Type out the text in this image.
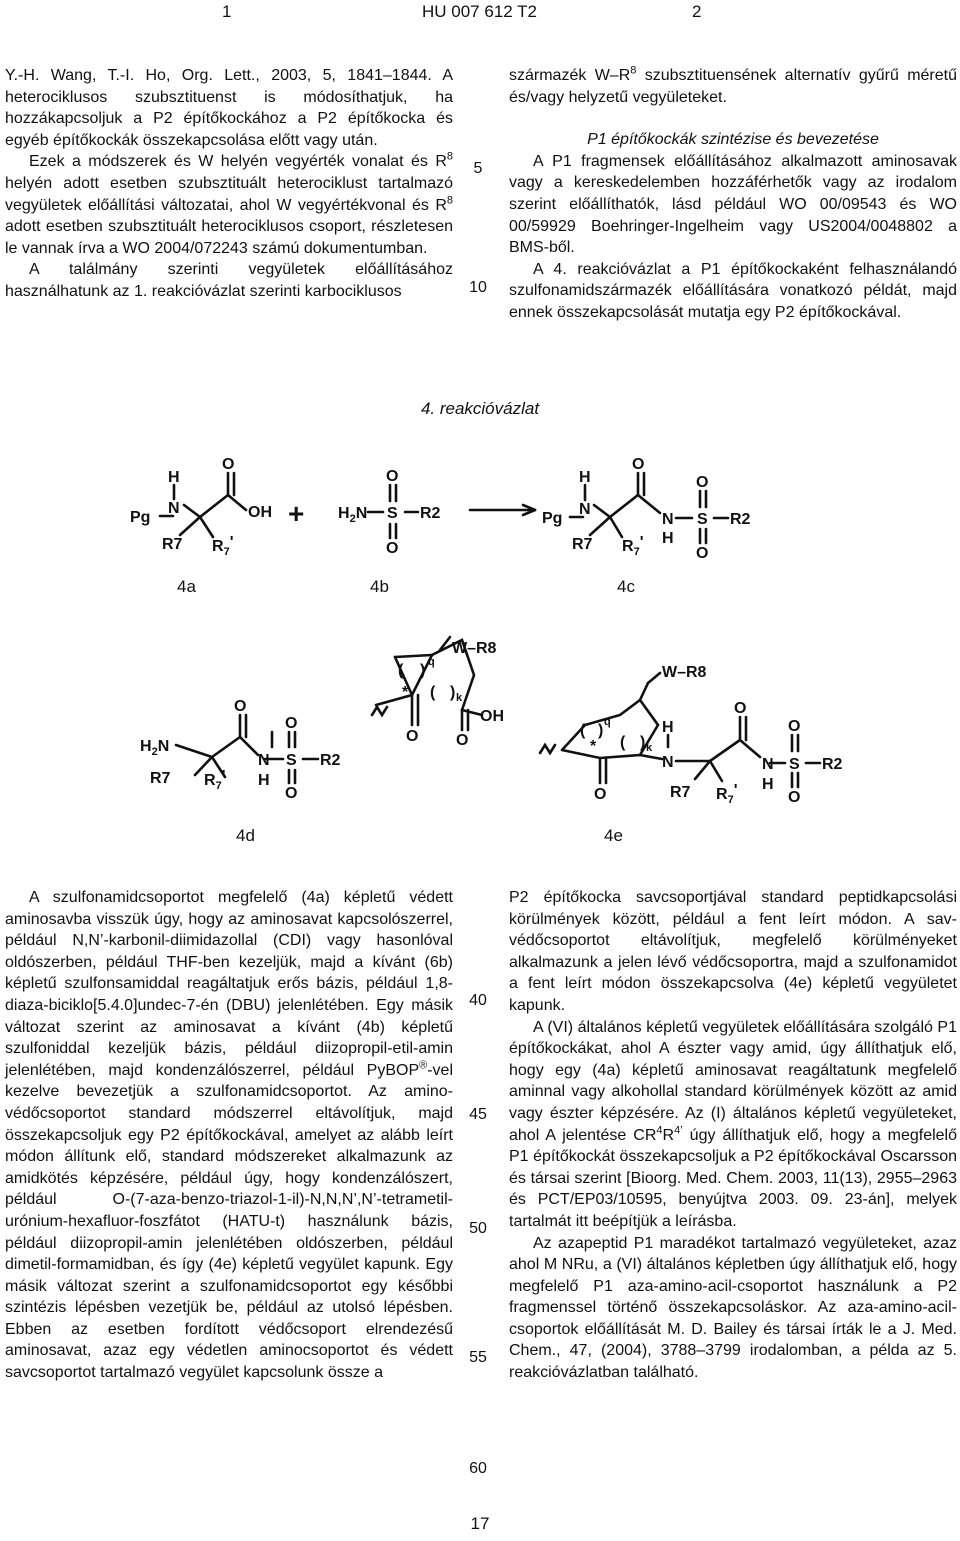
1	HU 007 612 T2	2

Y.-H. Wang, T.-I. Ho, Org. Lett., 2003, 5, 1841–1844. A heterociklusos szubsztituenst is módosíthatjuk, ha hozzákapcsoljuk a P2 építőkockához a P2 építőkocka és egyéb építőkockák összekapcsolása előtt vagy után.

Ezek a módszerek és W helyén vegyérték vonalat és $R^8$ helyén adott esetben szubsztituált heterociklust tartalmazó vegyületek előállítási változatai, ahol W vegyértékvonal és $R^8$ adott esetben szubsztituált heterociklusos csoport, részletesen le vannak írva a WO 2004/072243 számú dokumentumban.

A találmány szerinti vegyületek előállításához használhatunk az 1. reakcióvázlat szerinti karbociklusos

5
10

származék $W-R^8$ szubsztituensének alternatív gyűrű méretű és/vagy helyzetű vegyületeket.

P1 építőkockák szintézise és bevezetése

A P1 fragmensek előállításához alkalmazott aminosavak vagy a kereskedelemben hozzáférhetők vagy az irodalom szerint előállíthatók, lásd például WO 00/09543 és WO 00/59929 Boehringer-Ingelheim vagy US2004/0048802 a BMS-ből.

A 4. reakcióvázlat a P1 építőkockaként felhasználandó szulfonamidszármazék előállítására vonatkozó példát, majd ennek összekapcsolását mutatja egy P2 építőkockával.

4. reakcióvázlat
Pg
H
N
O
OH
R7 $R_7'$
+ $H_2N$
O
S
O
R2	Pg
H
N
O
R7 $R_7'$
N
H
O
S
O
R2
$H_2N$
O
N
H
O
S
O
R2
R7 $R_7'$
W–R8
( ) q
* ( ) k
OH
O
O
W–R8
( ) q
* ( ) k
O
H
N
R7 $R_7'$
O
N
H
O
S
O
R2
4a	4b	4c
4d	4e

A szulfonamidcsoportot megfelelő (4a) képletű védett aminosavba visszük úgy, hogy az aminosavat kapcsolószerrel, például N,N’-karbonil-diimidazollal (CDI) vagy hasonlóval oldószerben, például THF-ben kezeljük, majd a kívánt (6b) képletű szulfonsamiddal reagáltatjuk erős bázis, például 1,8-diaza-biciklo[5.4.0]undec-7-én (DBU) jelenlétében. Egy másik változat szerint az aminosavat a kívánt (4b) képletű szulfoniddal kezeljük bázis, például diizopropil-etil-amin jelenlétében, majd kondenzálószerrel, például PyBOP®-vel kezelve bevezetjük a szulfonamidcsoportot. Az amino-védőcsoportot standard módszerrel eltávolítjuk, majd összekapcsoljuk egy P2 építőkockával, amelyet az alább leírt módon állítunk elő, standard módszereket alkalmazunk az amidkötés képzésére, például úgy, hogy kondenzálószert, például O-(7-aza-benzo-triazol-1-il)-N,N,N’,N’-tetrametil-urónium-hexafluor-foszfátot (HATU-t) használunk bázis, például diizopropil-amin jelenlétében oldószerben, például dimetil-formamidban, és így (4e) képletű vegyület kapunk. Egy másik változat szerint a szulfonamidcsoportot egy későbbi szintézis lépésben vezetjük be, például az utolsó lépésben. Ebben az esetben fordított védőcsoport elrendezésű aminosavat, azaz egy védetlen aminocsoportot és védett savcsoportot tartalmazó vegyület kapcsolunk össze a

40
45
50
55
60

P2 építőkocka savcsoportjával standard peptidkapcsolási körülmények között, például a fent leírt módon. A sav-védőcsoportot eltávolítjuk, megfelelő körülményeket alkalmazunk a jelen lévő védőcsoportra, majd a szulfonamidot a fent leírt módon összekapcsolva (4e) képletű vegyületet kapunk.

A (VI) általános képletű vegyületek előállítására szolgáló P1 építőkockákat, ahol A észter vagy amid, úgy állíthatjuk elő, hogy egy (4a) képletű aminosavat reagáltatunk megfelelő aminnal vagy alkohollal standard körülmények között az amid vagy észter képzésére. Az (I) általános képletű vegyületeket, ahol A jelentése $CR^4R^{4’}$ úgy állíthatjuk elő, hogy a megfelelő P1 építőkockát összekapcsoljuk a P2 építőkockával Oscarsson és társai szerint [Bioorg. Med. Chem. 2003, 11(13), 2955–2963 és PCT/EP03/10595, benyújtva 2003. 09. 23-án], melyek tartalmát itt beépítjük a leírásba.

Az azapeptid P1 maradékot tartalmazó vegyületeket, azaz ahol M NRu, a (VI) általános képletben úgy állíthatjuk elő, hogy megfelelő P1 aza-amino-acil-csoportot használunk a P2 fragmenssel történő összekapcsoláskor. Az aza-amino-acil-csoportok előállítását M. D. Bailey és társai írták le a J. Med. Chem., 47, (2004), 3788–3799 irodalomban, a példa az 5. reakcióvázlatban található.

17
